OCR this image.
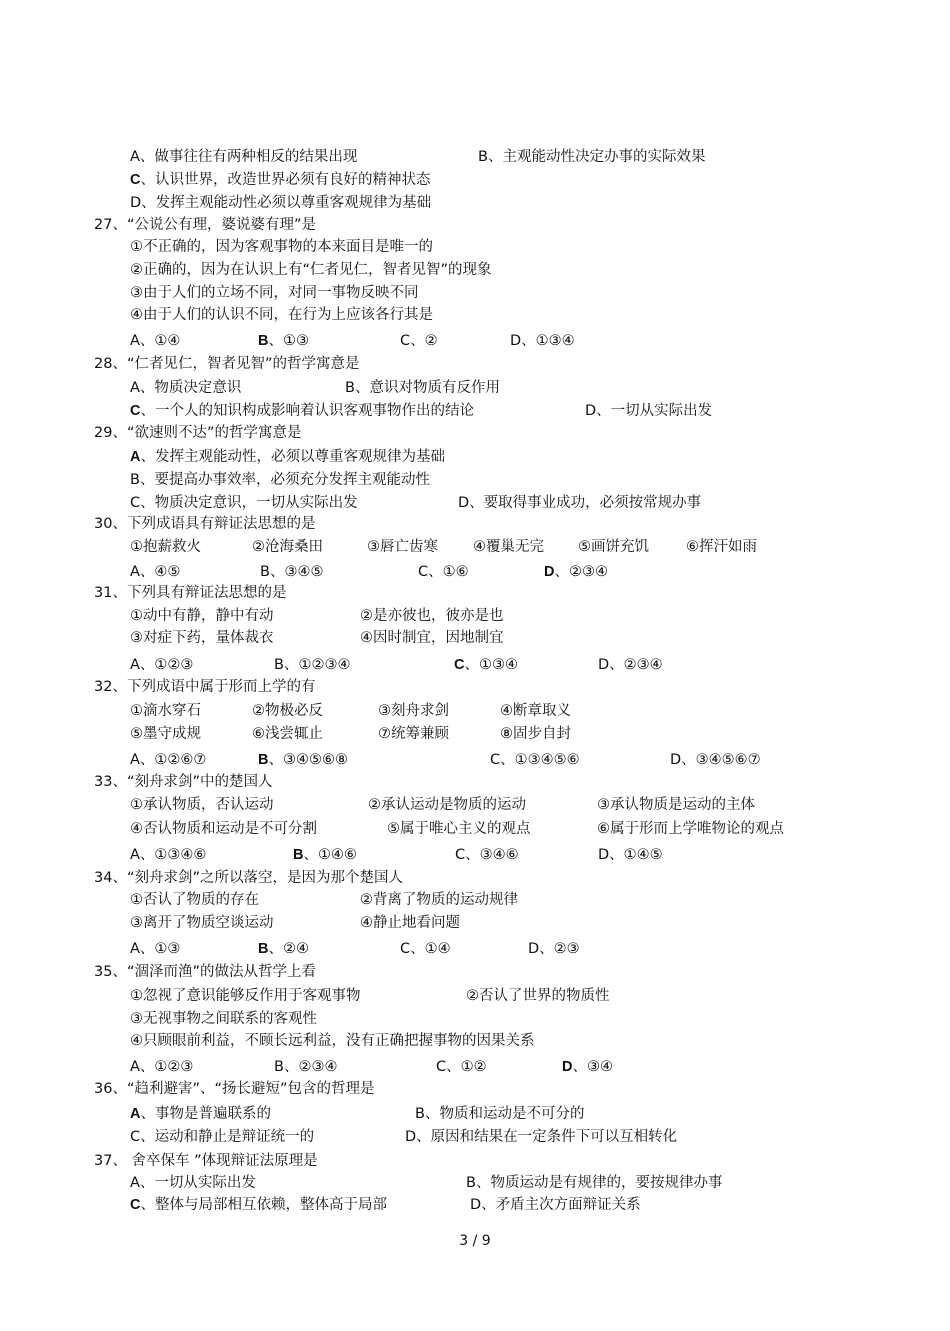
A、做事往往有两种相反的结果出现	B、主观能动性决定办事的实际效果
C、认识世界，改造世界必须有良好的精神状态
D、发挥主观能动性必须以尊重客观规律为基础
27、“公说公有理，婆说婆有理”是
①不正确的，因为客观事物的本来面目是唯一的
②正确的，因为在认识上有“仁者见仁，智者见智”的现象
③由于人们的立场不同，对同一事物反映不同
④由于人们的认识不同，在行为上应该各行其是
A、①④	B、①③	C、②	D、①③④
28、“仁者见仁，智者见智”的哲学寓意是
A、物质决定意识	B、意识对物质有反作用
C、一个人的知识构成影响着认识客观事物作出的结论	D、一切从实际出发
29、“欲速则不达”的哲学寓意是
A、发挥主观能动性，必须以尊重客观规律为基础
B、要提高办事效率，必须充分发挥主观能动性
C、物质决定意识，一切从实际出发	D、要取得事业成功，必须按常规办事
30、下列成语具有辩证法思想的是
①抱薪救火	②沧海桑田	③唇亡齿寒 ④覆巢无完 ⑤画饼充饥	⑥挥汗如雨
A、④⑤	B、③④⑤	C、①⑥	D、②③④
31、下列具有辩证法思想的是
①动中有静，静中有动	②是亦彼也，彼亦是也
③对症下药，量体裁衣	④因时制宜，因地制宜
A、①②③	B、①②③④	C、①③④	D、②③④
32、下列成语中属于形而上学的有
①滴水穿石	②物极必反	③刻舟求剑	④断章取义
⑤墨守成规	⑥浅尝辄止	⑦统筹兼顾	⑧固步自封
A、①②⑥⑦	B、③④⑤⑥⑧	C、①③④⑤⑥	D、③④⑤⑥⑦
33、“刻舟求剑”中的楚国人
①承认物质，否认运动	②承认运动是物质的运动	③承认物质是运动的主体
④否认物质和运动是不可分割	⑤属于唯心主义的观点	⑥属于形而上学唯物论的观点
A、①③④⑥	B、①④⑥	C、③④⑥	D、①④⑤
34、“刻舟求剑”之所以落空，是因为那个楚国人
①否认了物质的存在	②背离了物质的运动规律
③离开了物质空谈运动	④静止地看问题
A、①③	B、②④	C、①④	D、②③
35、“涸泽而渔”的做法从哲学上看
①忽视了意识能够反作用于客观事物	②否认了世界的物质性
③无视事物之间联系的客观性
④只顾眼前利益，不顾长远利益，没有正确把握事物的因果关系
A、①②③	B、②③④	C、①②	D、③④
36、“趋利避害”、“扬长避短”包含的哲理是
A、事物是普遍联系的	B、物质和运动是不可分的
C、运动和静止是辩证统一的	D、原因和结果在一定条件下可以互相转化
37、 舍卒保车 ”体现辩证法原理是
A、一切从实际出发	B、物质运动是有规律的，要按规律办事
C、整体与局部相互依赖，整体高于局部	D、矛盾主次方面辩证关系
3 / 9
